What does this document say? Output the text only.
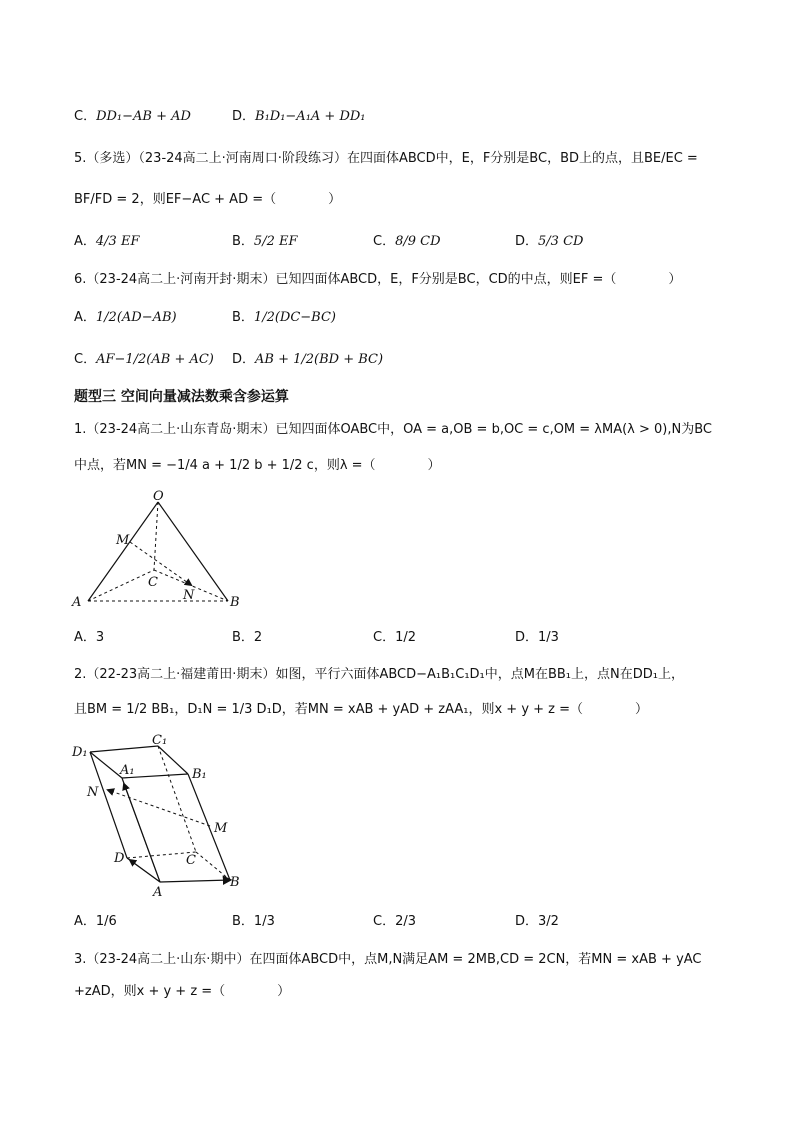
C．DD₁−AB + AD	D．B₁D₁−A₁A + DD₁
5.（多选）（23-24高二上·河南周口·阶段练习）在四面体ABCD中，E，F分别是BC，BD上的点，且BE/EC =
BF/FD = 2，则EF−AC + AD =（　　　　）
A．4/3 EF	B．5/2 EF	C．8/9 CD	D．5/3 CD
6.（23-24高二上·河南开封·期末）已知四面体ABCD，E，F分别是BC，CD的中点，则EF =（　　　　）
A．1/2(AD−AB)	B．1/2(DC−BC)
C．AF−1/2(AB + AC) D．AB + 1/2(BD + BC)
题型三 空间向量减法数乘含参运算
1.（23-24高二上·山东青岛·期末）已知四面体OABC中，OA = a,OB = b,OC = c,OM = λMA(λ > 0),N为BC
中点，若MN = −1/4 a + 1/2 b + 1/2 c，则λ =（　　　　）
O
M
C
N
A	B
A．3	B．2	C．1/2	D．1/3
2.（22-23高二上·福建莆田·期末）如图，平行六面体ABCD−A₁B₁C₁D₁中，点M在BB₁上，点N在DD₁上，
且BM = 1/2 BB₁，D₁N = 1/3 D₁D，若MN = xAB + yAD + zAA₁，则x + y + z =（　　　　）
D₁
C₁
A₁	B₁
N
M
D	C
A
B
A．1/6	B．1/3	C．2/3	D．3/2
3.（23-24高二上·山东·期中）在四面体ABCD中，点M,N满足AM = 2MB,CD = 2CN，若MN = xAB + yAC
+zAD，则x + y + z =（　　　　）
